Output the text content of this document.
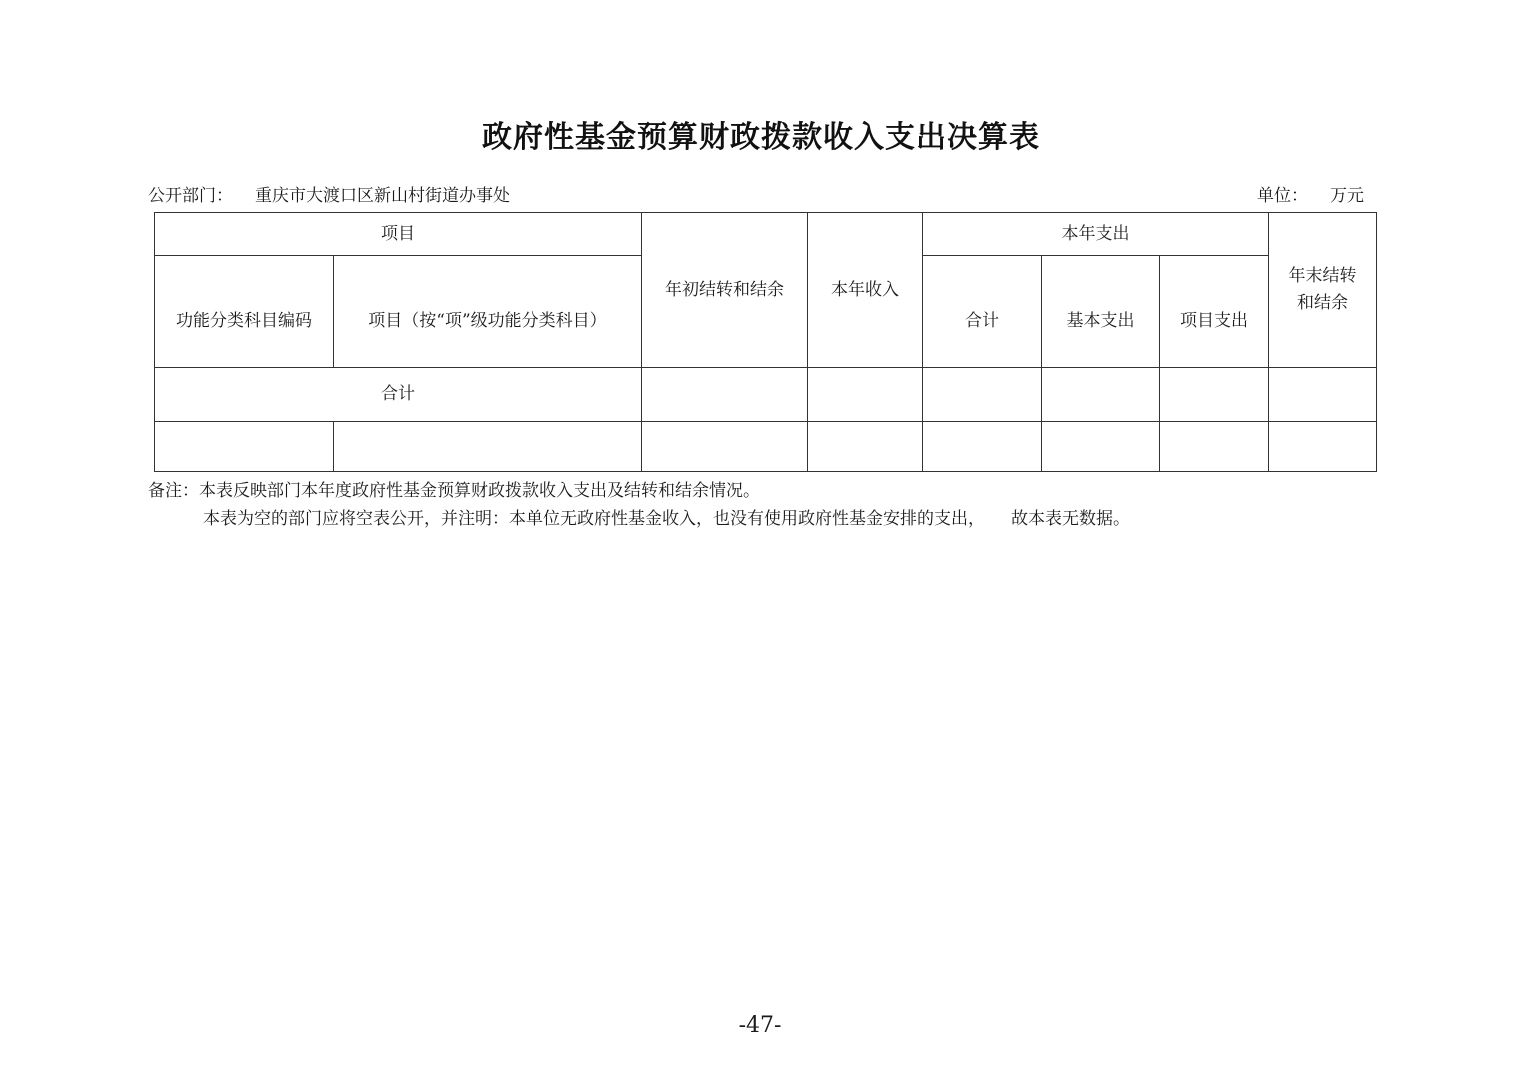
政府性基金预算财政拨款收入支出决算表
公开部门： 重庆市大渡口区新山村街道办事处	单位： 万元
项目		年初结转和结余	本年收入	本年支出			年末结转
和结余

功能分类科目编码	项目（按“项”级功能分类科目）			合计	基本支出	项目支出	
合计							

备注：本表反映部门本年度政府性基金预算财政拨款收入支出及结转和结余情况。
本表为空的部门应将空表公开，并注明：本单位无政府性基金收入，也没有使用政府性基金安排的支出， 故本表无数据。
-47-
